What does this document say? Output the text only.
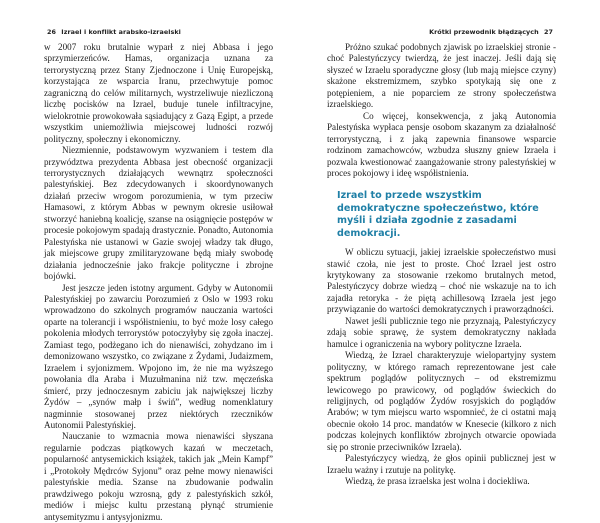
26 Izrael i konflikt arabsko-izraelski

w 2007 roku brutalnie wyparł z niej Abbasa i jego sprzymierzeńców. Hamas, organizacja uznana za terrorystyczną przez Stany Zjednoczone i Unię Europejską, korzystająca ze wsparcia Iranu, przechwytuje pomoc zagraniczną do celów militarnych, wystrzeliwuje niezliczoną liczbę pocisków na Izrael, buduje tunele infiltracyjne, wielokrotnie prowokowała sąsiadujący z Gazą Egipt, a przede wszystkim uniemożliwia miejscowej ludności rozwój polityczny, społeczny i ekonomiczny.

Niezmiennie, podstawowym wyzwaniem i testem dla przywództwa prezydenta Abbasa jest obecność organizacji terrorystycznych działających wewnątrz społeczności palestyńskiej. Bez zdecydowanych i skoordynowanych działań przeciw wrogom porozumienia, w tym przeciw Hamasowi, z którym Abbas w pewnym okresie usiłował stworzyć haniebną koalicję, szanse na osiągnięcie postępów w procesie pokojowym spadają drastycznie. Ponadto, Autonomia Palestyńska nie ustanowi w Gazie swojej władzy tak długo, jak miejscowe grupy zmilitaryzowane będą miały swobodę działania jednocześnie jako frakcje polityczne i zbrojne bojówki.

Jest jeszcze jeden istotny argument. Gdyby w Autonomii Palestyńskiej po zawarciu Porozumień z Oslo w 1993 roku wprowadzono do szkolnych programów nauczania wartości oparte na tolerancji i współistnieniu, to być może losy całego pokolenia młodych terrorystów potoczyłyby się zgoła inaczej. Zamiast tego, podżegano ich do nienawiści, zohydzano im i demonizowano wszystko, co związane z Żydami, Judaizmem, Izraelem i syjonizmem. Wpojono im, że nie ma wyższego powołania dla Araba i Muzułmanina niż tzw. męczeńska śmierć, przy jednoczesnym zabiciu jak największej liczby Żydów – „synów małp i świń”, według nomenklatury nagminnie stosowanej przez niektórych rzeczników Autonomii Palestyńskiej.

Nauczanie to wzmacnia mowa nienawiści słyszana regularnie podczas piątkowych kazań w meczetach, popularność antysemickich książek, takich jak „Mein Kampf” i „Protokoły Mędrców Syjonu” oraz pełne mowy nienawiści palestyńskie media. Szanse na zbudowanie podwalin prawdziwego pokoju wzrosną, gdy z palestyńskich szkół, mediów i miejsc kultu przestaną płynąć strumienie antysemityzmu i antysyjonizmu.

Krótki przewodnik błądzących 27

Próżno szukać podobnych zjawisk po izraelskiej stronie - choć Palestyńczycy twierdzą, że jest inaczej. Jeśli dają się słyszeć w Izraelu sporadyczne głosy (lub mają miejsce czyny) skażone ekstremizmem, szybko spotykają się one z potępieniem, a nie poparciem ze strony społeczeństwa izraelskiego.

Co więcej, konsekwencja, z jaką Autonomia Palestyńska wypłaca pensje osobom skazanym za działalność terrorystyczną, i z jaką zapewnia finansowe wsparcie rodzinom zamachowców, wzbudza słuszny gniew Izraela i pozwala kwestionować zaangażowanie strony palestyńskiej w proces pokojowy i ideę współistnienia.

Izrael to przede wszystkim demokratyczne społeczeństwo, które myśli i działa zgodnie z zasadami demokracji.

W obliczu sytuacji, jakiej izraelskie społeczeństwo musi stawić czoła, nie jest to proste. Choć Izrael jest ostro krytykowany za stosowanie rzekomo brutalnych metod, Palestyńczycy dobrze wiedzą – choć nie wskazuje na to ich zajadła retoryka - że piętą achillesową Izraela jest jego przywiązanie do wartości demokratycznych i praworządności.

Nawet jeśli publicznie tego nie przyznają, Palestyńczycy zdają sobie sprawę, że system demokratyczny nakłada hamulce i ograniczenia na wybory polityczne Izraela.

Wiedzą, że Izrael charakteryzuje wielopartyjny system polityczny, w którego ramach reprezentowane jest całe spektrum poglądów politycznych – od ekstremizmu lewicowego po prawicowy, od poglądów świeckich do religijnych, od poglądów Żydów rosyjskich do poglądów Arabów; w tym miejscu warto wspomnieć, że ci ostatni mają obecnie około 14 proc. mandatów w Knesecie (kilkoro z nich podczas kolejnych konfliktów zbrojnych otwarcie opowiada się po stronie przeciwników Izraela).

Palestyńczycy wiedzą, że głos opinii publicznej jest w Izraelu ważny i rzutuje na politykę.

Wiedzą, że prasa izraelska jest wolna i dociekliwa.
